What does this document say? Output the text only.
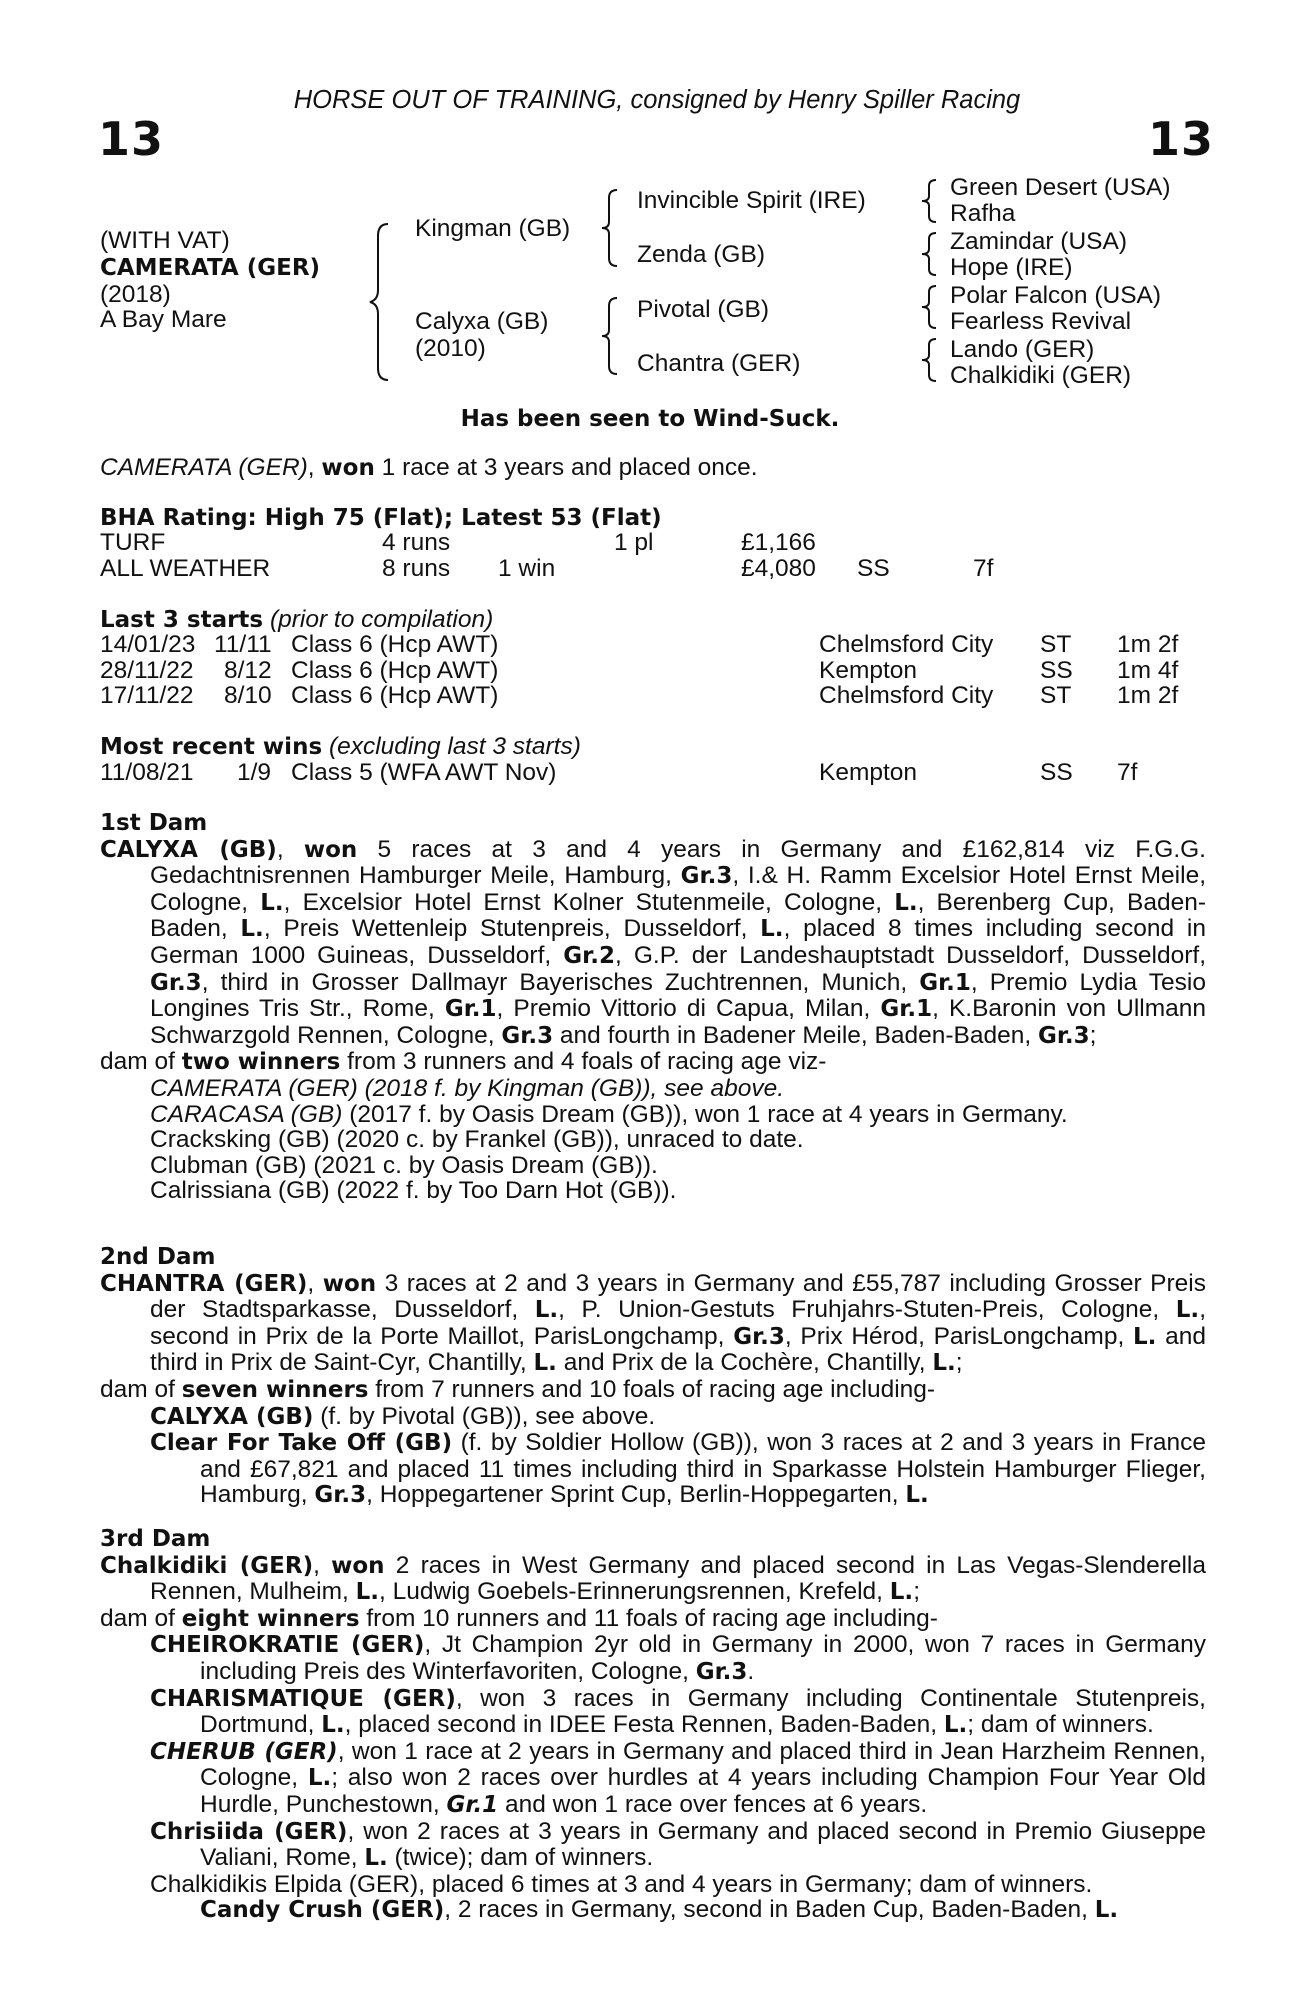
HORSE OUT OF TRAINING, consigned by Henry Spiller Racing
13	13
(WITH VAT)
CAMERATA (GER)
(2018)
A Bay Mare
Kingman (GB)
Calyxa (GB)
(2010)
Invincible Spirit (IRE)
Zenda (GB)
Pivotal (GB)
Chantra (GER)
Green Desert (USA)
Rafha
Zamindar (USA)
Hope (IRE)
Polar Falcon (USA)
Fearless Revival
Lando (GER)
Chalkidiki (GER)
Has been seen to Wind-Suck.
CAMERATA (GER), won 1 race at 3 years and placed once.
BHA Rating: High 75 (Flat); Latest 53 (Flat)
TURF	4 runs	1 pl	£1,166
ALL WEATHER	8 runs 1 win	£4,080 SS	7f
Last 3 starts (prior to compilation)
14/01/23 11/11 Class 6 (Hcp AWT)	Chelmsford City ST 1m 2f
28/11/22 8/12 Class 6 (Hcp AWT)	Kempton	SS 1m 4f
17/11/22 8/10 Class 6 (Hcp AWT)	Chelmsford City ST 1m 2f
Most recent wins (excluding last 3 starts)
11/08/21 1/9 Class 5 (WFA AWT Nov)	Kempton	SS 7f

1st Dam

CALYXA (GB), won 5 races at 3 and 4 years in Germany and £162,814 viz F.G.G. Gedachtnisrennen Hamburger Meile, Hamburg, Gr.3, I.& H. Ramm Excelsior Hotel Ernst Meile, Cologne, L., Excelsior Hotel Ernst Kolner Stutenmeile, Cologne, L., Berenberg Cup, Baden-Baden, L., Preis Wettenleip Stutenpreis, Dusseldorf, L., placed 8 times including second in German 1000 Guineas, Dusseldorf, Gr.2, G.P. der Landeshauptstadt Dusseldorf, Dusseldorf, Gr.3, third in Grosser Dallmayr Bayerisches Zuchtrennen, Munich, Gr.1, Premio Lydia Tesio Longines Tris Str., Rome, Gr.1, Premio Vittorio di Capua, Milan, Gr.1, K.Baronin von Ullmann Schwarzgold Rennen, Cologne, Gr.3 and fourth in Badener Meile, Baden-Baden, Gr.3;

dam of two winners from 3 runners and 4 foals of racing age viz-

CAMERATA (GER) (2018 f. by Kingman (GB)), see above.

CARACASA (GB) (2017 f. by Oasis Dream (GB)), won 1 race at 4 years in Germany.

Cracksking (GB) (2020 c. by Frankel (GB)), unraced to date.

Clubman (GB) (2021 c. by Oasis Dream (GB)).

Calrissiana (GB) (2022 f. by Too Darn Hot (GB)).

2nd Dam

CHANTRA (GER), won 3 races at 2 and 3 years in Germany and £55,787 including Grosser Preis der Stadtsparkasse, Dusseldorf, L., P. Union-Gestuts Fruhjahrs-Stuten-Preis, Cologne, L., second in Prix de la Porte Maillot, ParisLongchamp, Gr.3, Prix Hérod, ParisLongchamp, L. and third in Prix de Saint-Cyr, Chantilly, L. and Prix de la Cochère, Chantilly, L.;

dam of seven winners from 7 runners and 10 foals of racing age including-

CALYXA (GB) (f. by Pivotal (GB)), see above.

Clear For Take Off (GB) (f. by Soldier Hollow (GB)), won 3 races at 2 and 3 years in France and £67,821 and placed 11 times including third in Sparkasse Holstein Hamburger Flieger, Hamburg, Gr.3, Hoppegartener Sprint Cup, Berlin-Hoppegarten, L.

3rd Dam

Chalkidiki (GER), won 2 races in West Germany and placed second in Las Vegas-Slenderella Rennen, Mulheim, L., Ludwig Goebels-Erinnerungsrennen, Krefeld, L.;

dam of eight winners from 10 runners and 11 foals of racing age including-

CHEIROKRATIE (GER), Jt Champion 2yr old in Germany in 2000, won 7 races in Germany including Preis des Winterfavoriten, Cologne, Gr.3.

CHARISMATIQUE (GER), won 3 races in Germany including Continentale Stutenpreis, Dortmund, L., placed second in IDEE Festa Rennen, Baden-Baden, L.; dam of winners.

CHERUB (GER), won 1 race at 2 years in Germany and placed third in Jean Harzheim Rennen, Cologne, L.; also won 2 races over hurdles at 4 years including Champion Four Year Old Hurdle, Punchestown, Gr.1 and won 1 race over fences at 6 years.

Chrisiida (GER), won 2 races at 3 years in Germany and placed second in Premio Giuseppe Valiani, Rome, L. (twice); dam of winners.

Chalkidikis Elpida (GER), placed 6 times at 3 and 4 years in Germany; dam of winners.

Candy Crush (GER), 2 races in Germany, second in Baden Cup, Baden-Baden, L.
